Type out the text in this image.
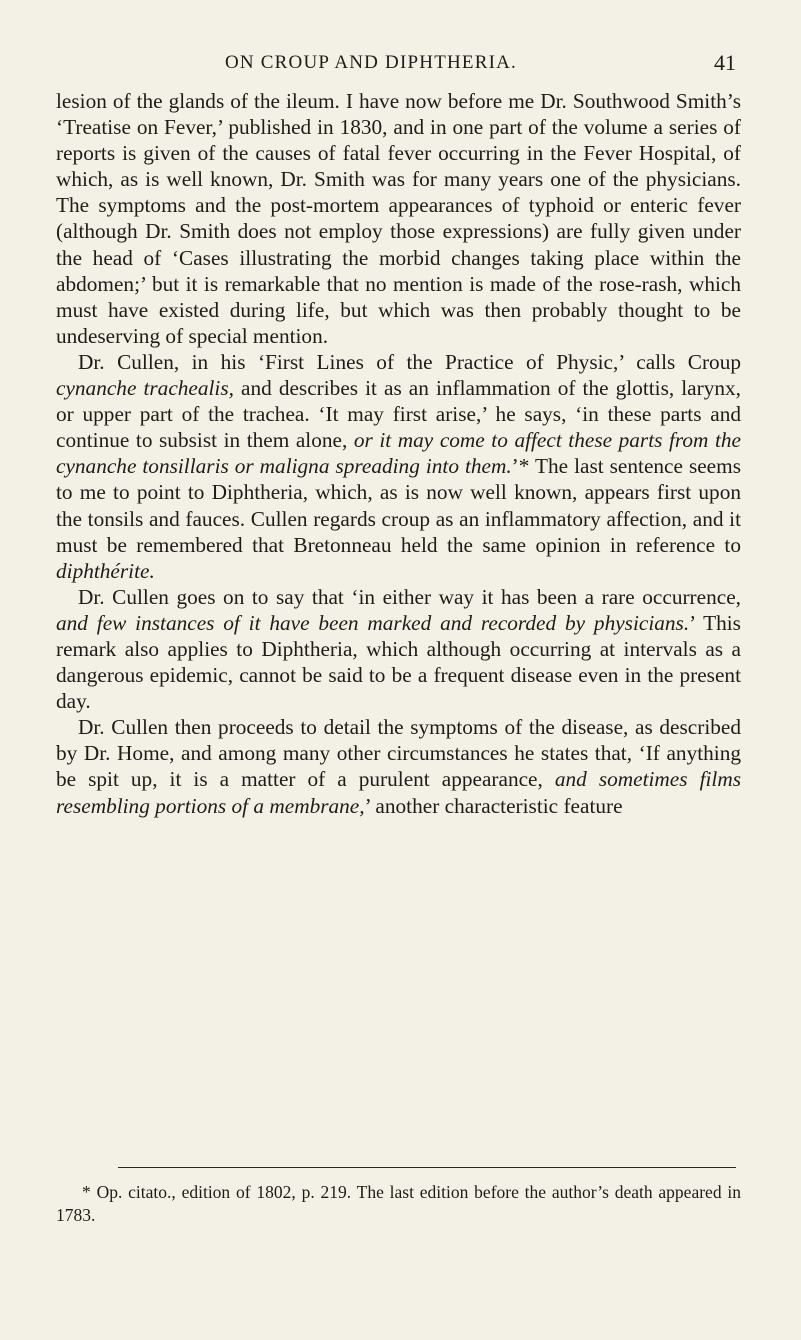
ON CROUP AND DIPHTHERIA.	41

lesion of the glands of the ileum. I have now before me Dr. Southwood Smith’s ‘Treatise on Fever,’ published in 1830, and in one part of the volume a series of reports is given of the causes of fatal fever occurring in the Fever Hospital, of which, as is well known, Dr. Smith was for many years one of the physicians. The symptoms and the post-mortem appearances of typhoid or enteric fever (although Dr. Smith does not employ those expressions) are fully given under the head of ‘Cases illustrating the morbid changes taking place within the abdomen;’ but it is remarkable that no mention is made of the rose-rash, which must have existed during life, but which was then probably thought to be undeserving of special mention.

Dr. Cullen, in his ‘First Lines of the Practice of Physic,’ calls Croup cynanche trachealis, and describes it as an inflammation of the glottis, larynx, or upper part of the trachea. ‘It may first arise,’ he says, ‘in these parts and continue to subsist in them alone, or it may come to affect these parts from the cynanche tonsillaris or maligna spreading into them.’* The last sentence seems to me to point to Diphtheria, which, as is now well known, appears first upon the tonsils and fauces. Cullen regards croup as an inflammatory affection, and it must be remembered that Bretonneau held the same opinion in reference to diphthérite.

Dr. Cullen goes on to say that ‘in either way it has been a rare occurrence, and few instances of it have been marked and recorded by physicians.’ This remark also applies to Diphtheria, which although occurring at intervals as a dangerous epidemic, cannot be said to be a frequent disease even in the present day.

Dr. Cullen then proceeds to detail the symptoms of the disease, as described by Dr. Home, and among many other circumstances he states that, ‘If anything be spit up, it is a matter of a purulent appearance, and sometimes films resembling portions of a membrane,’ another characteristic feature

* Op. citato., edition of 1802, p. 219. The last edition before the author’s death appeared in 1783.
